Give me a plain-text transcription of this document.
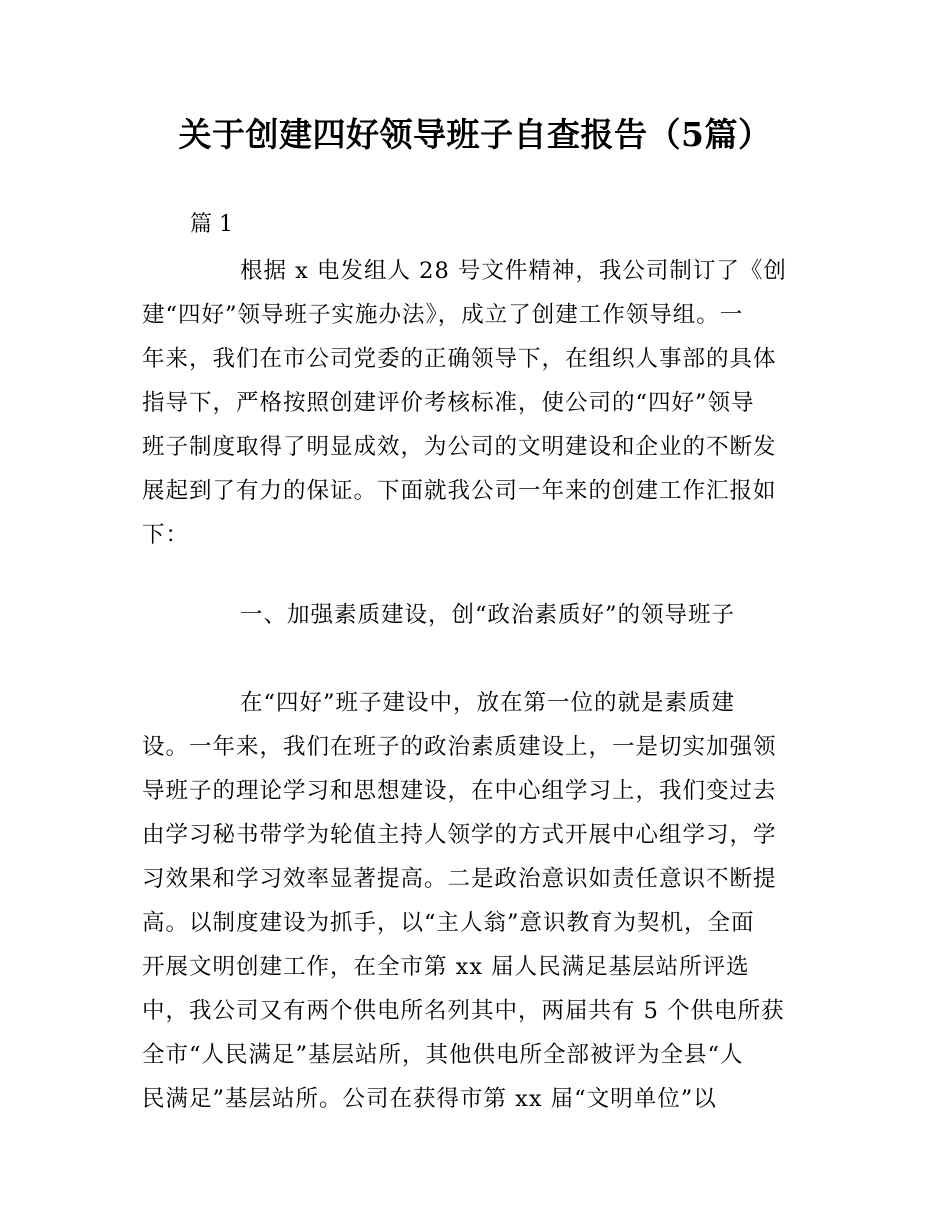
关于创建四好领导班子自查报告（5篇）
篇 1
根据 x 电发组人 28 号文件精神，我公司制订了《创
建“四好”领导班子实施办法》，成立了创建工作领导组。一
年来，我们在市公司党委的正确领导下，在组织人事部的具体
指导下，严格按照创建评价考核标准，使公司的“四好”领导
班子制度取得了明显成效，为公司的文明建设和企业的不断发
展起到了有力的保证。下面就我公司一年来的创建工作汇报如
下：
一、加强素质建设，创“政治素质好”的领导班子
在“四好”班子建设中，放在第一位的就是素质建
设。一年来，我们在班子的政治素质建设上，一是切实加强领
导班子的理论学习和思想建设，在中心组学习上，我们变过去
由学习秘书带学为轮值主持人领学的方式开展中心组学习，学
习效果和学习效率显著提高。二是政治意识如责任意识不断提
高。以制度建设为抓手，以“主人翁”意识教育为契机，全面
开展文明创建工作，在全市第 xx 届人民满足基层站所评选
中，我公司又有两个供电所名列其中，两届共有 5 个供电所获
全市“人民满足”基层站所，其他供电所全部被评为全县“人
民满足”基层站所。公司在获得市第 xx 届“文明单位”以
